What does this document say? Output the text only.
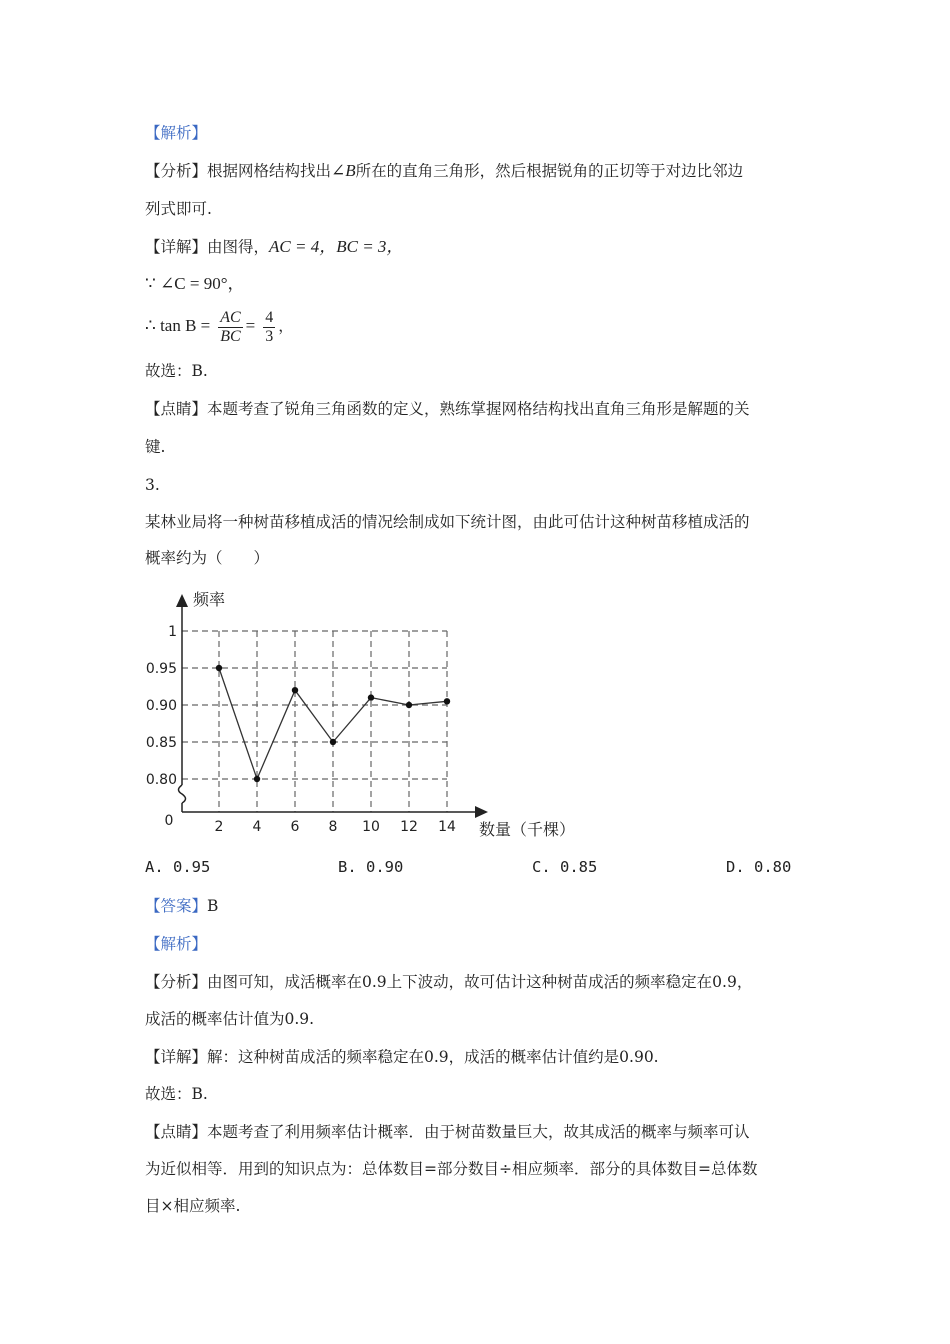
【解析】
【分析】根据网格结构找出∠B所在的直角三角形，然后根据锐角的正切等于对边比邻边
列式即可.
【详解】由图得，AC = 4，BC = 3，
∵ ∠C = 90°，
∴ $\tan B = \frac{AC}{BC} = \frac{4}{3}$ ，
故选：B.
【点睛】本题考查了锐角三角函数的定义，熟练掌握网格结构找出直角三角形是解题的关
键.
3.
某林业局将一种树苗移植成活的情况绘制成如下统计图，由此可估计这种树苗移植成活的
概率约为（　　）
0.80
0.85
0.90
0.95
1
2 4 6 8 10 12 14
频率
数量（千棵）
0
A. 0.95	B. 0.90	C. 0.85	D. 0.80
【答案】B
【解析】
【分析】由图可知，成活概率在0.9上下波动，故可估计这种树苗成活的频率稳定在0.9，
成活的概率估计值为0.9.
【详解】解：这种树苗成活的频率稳定在0.9，成活的概率估计值约是0.90.
故选：B.
【点睛】本题考查了利用频率估计概率．由于树苗数量巨大，故其成活的概率与频率可认
为近似相等．用到的知识点为：总体数目=部分数目÷相应频率．部分的具体数目=总体数
目×相应频率.
